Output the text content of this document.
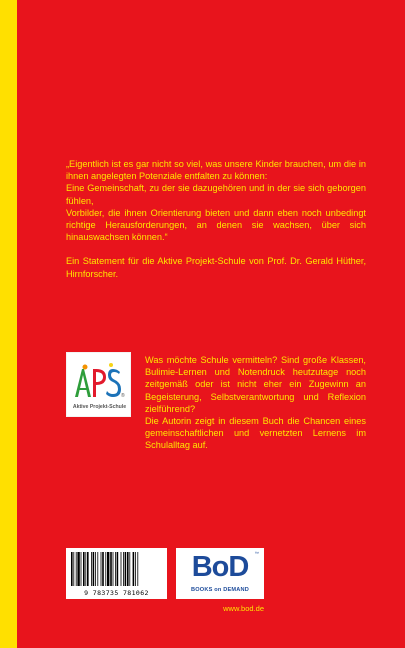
„Eigentlich ist es gar nicht so viel, was unsere Kinder brauchen, um die in ihnen angelegten Potenziale entfalten zu können:

Eine Gemeinschaft, zu der sie dazugehören und in der sie sich geborgen fühlen,

Vorbilder, die ihnen Orientierung bieten und dann eben noch unbedingt richtige Herausforderungen, an denen sie wachsen, über sich hinauswachsen können.“

Ein Statement für die Aktive Projekt-Schule von Prof. Dr. Gerald Hüther, Hirnforscher.

®
Aktive Projekt-Schule

Was möchte Schule vermitteln? Sind große Klassen, Bulimie-Lernen und Notendruck heutzutage noch zeitgemäß oder ist nicht eher ein Zugewinn an Begeisterung, Selbstverantwortung und Reflexion zielführend?

Die Autorin zeigt in diesem Buch die Chancen eines gemeinschaftlichen und vernetzten Lernens im Schulalltag auf.

9 783735 781062
BoD	™
BOOKS on DEMAND
www.bod.de
